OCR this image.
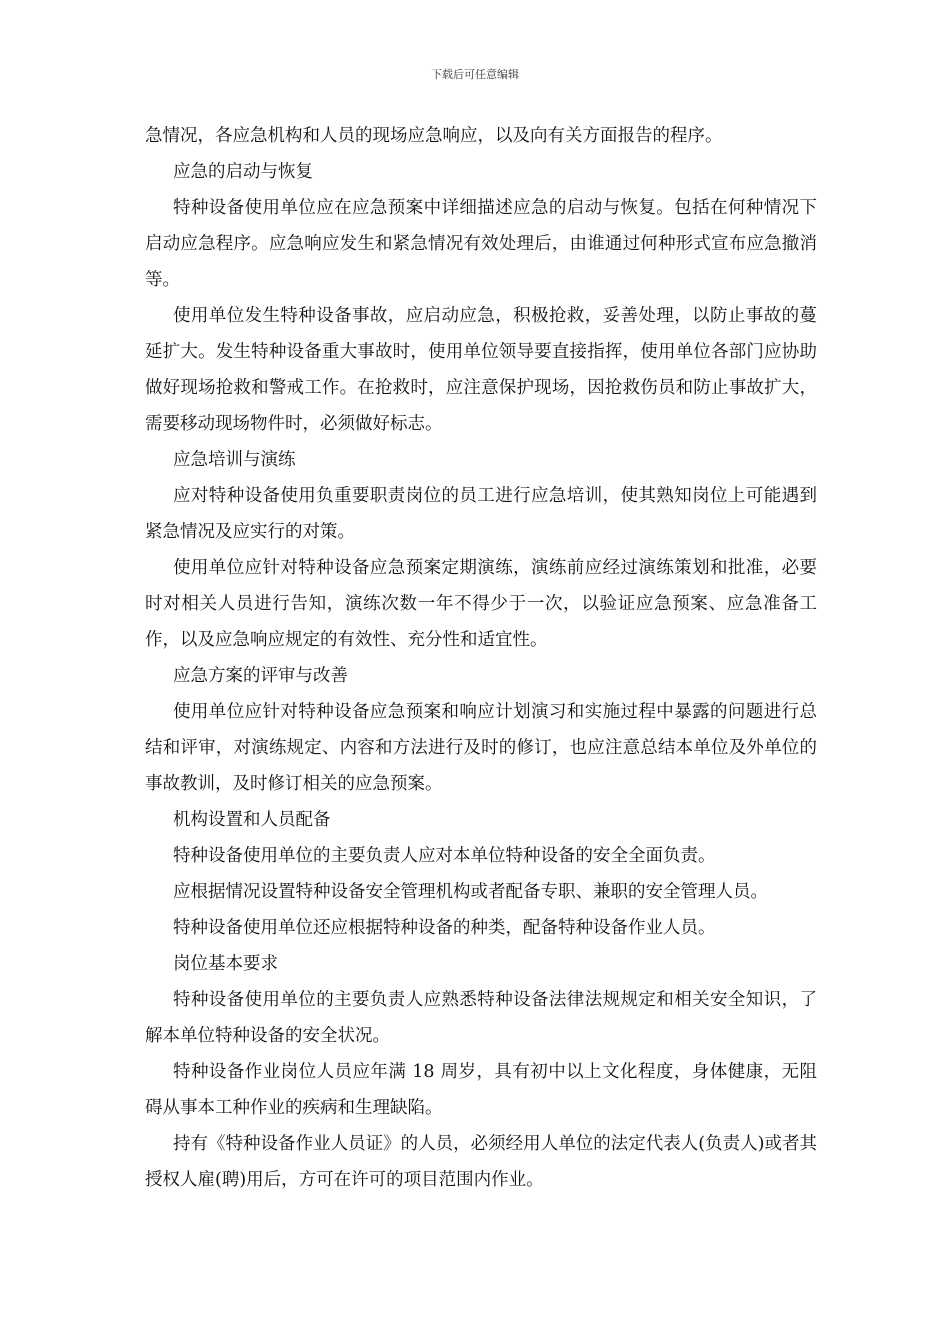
下载后可任意编辑

急情况，各应急机构和人员的现场应急响应，以及向有关方面报告的程序。

应急的启动与恢复

特种设备使用单位应在应急预案中详细描述应急的启动与恢复。包括在何种情况下启动应急程序。应急响应发生和紧急情况有效处理后，由谁通过何种形式宣布应急撤消等。

使用单位发生特种设备事故，应启动应急，积极抢救，妥善处理，以防止事故的蔓延扩大。发生特种设备重大事故时，使用单位领导要直接指挥，使用单位各部门应协助做好现场抢救和警戒工作。在抢救时，应注意保护现场，因抢救伤员和防止事故扩大，需要移动现场物件时，必须做好标志。

应急培训与演练

应对特种设备使用负重要职责岗位的员工进行应急培训，使其熟知岗位上可能遇到紧急情况及应实行的对策。

使用单位应针对特种设备应急预案定期演练，演练前应经过演练策划和批准，必要时对相关人员进行告知，演练次数一年不得少于一次，以验证应急预案、应急准备工作，以及应急响应规定的有效性、充分性和适宜性。

应急方案的评审与改善

使用单位应针对特种设备应急预案和响应计划演习和实施过程中暴露的问题进行总结和评审，对演练规定、内容和方法进行及时的修订，也应注意总结本单位及外单位的事故教训，及时修订相关的应急预案。

机构设置和人员配备

特种设备使用单位的主要负责人应对本单位特种设备的安全全面负责。

应根据情况设置特种设备安全管理机构或者配备专职、兼职的安全管理人员。

特种设备使用单位还应根据特种设备的种类，配备特种设备作业人员。

岗位基本要求

特种设备使用单位的主要负责人应熟悉特种设备法律法规规定和相关安全知识，了解本单位特种设备的安全状况。

特种设备作业岗位人员应年满 18 周岁，具有初中以上文化程度，身体健康，无阻碍从事本工种作业的疾病和生理缺陷。

持有《特种设备作业人员证》的人员，必须经用人单位的法定代表人(负责人)或者其授权人雇(聘)用后，方可在许可的项目范围内作业。
